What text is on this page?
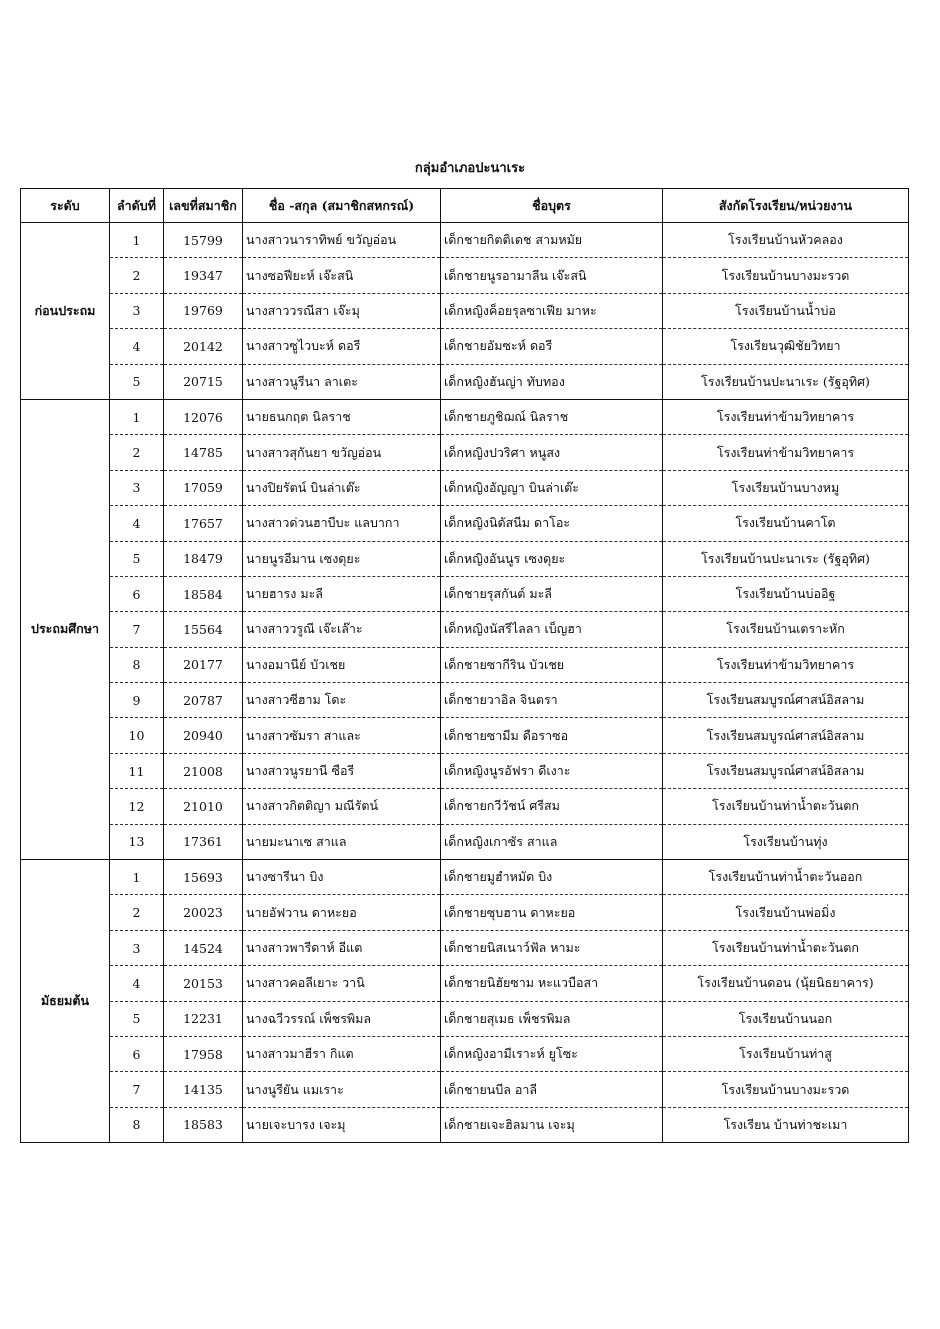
กลุ่มอำเภอปะนาเระ
ระดับ	ลำดับที่	เลขที่สมาชิก	ชื่อ -สกุล (สมาชิกสหกรณ์)	ชื่อบุตร	สังกัดโรงเรียน/หน่วยงาน
ก่อนประถม	1	15799	นางสาวนาราทิพย์ ขวัญอ่อน	เด็กชายกิตติเดช สามหมัย	โรงเรียนบ้านหัวคลอง
	2	19347	นางซอฟียะห์ เจ๊ะสนิ	เด็กชายนูรอามาลีน เจ๊ะสนิ	โรงเรียนบ้านบางมะรวด
	3	19769	นางสาววรณีสา เจ๊ะมุ	เด็กหญิงค็อยรุลซาเฟีย มาหะ	โรงเรียนบ้านน้ำบ่อ
	4	20142	นางสาวซูไวบะห์ ดอรี	เด็กชายอัมซะห์ ดอรี	โรงเรียนวุฒิชัยวิทยา
	5	20715	นางสาวนูรีนา ลาเตะ	เด็กหญิงฮันญ่า ทับทอง	โรงเรียนบ้านปะนาเระ (รัฐอุทิศ)
ประถมศึกษา	1	12076	นายธนกฤต นิลราช	เด็กชายภูชิฌณ์ นิลราช	โรงเรียนท่าข้ามวิทยาคาร
	2	14785	นางสาวสุกันยา ขวัญอ่อน	เด็กหญิงปวริศา หนูสง	โรงเรียนท่าข้ามวิทยาคาร
	3	17059	นางปิยรัตน์ บินล่าเต๊ะ	เด็กหญิงอัญญา บินล่าเต๊ะ	โรงเรียนบ้านบางหมู
	4	17657	นางสาวด่วนฮาบีบะ แลบากา	เด็กหญิงนิดัสนีม ดาโอะ	โรงเรียนบ้านคาโต
	5	18479	นายนูรอีมาน เซงดุยะ	เด็กหญิงอันนูร เซงดุยะ	โรงเรียนบ้านปะนาเระ (รัฐอุทิศ)
	6	18584	นายฮารง มะลี	เด็กชายรุสกันต์ มะลี	โรงเรียนบ้านบ่ออิฐ
	7	15564	นางสาววรูณี เจ๊ะเล๊าะ	เด็กหญิงนัสรีไลลา เบ็ญฮา	โรงเรียนบ้านเตราะหัก
	8	20177	นางอมานีย์ บัวเชย	เด็กชายซากีริน บัวเชย	โรงเรียนท่าข้ามวิทยาคาร
	9	20787	นางสาวซีฮาม โดะ	เด็กชายวาอิล จินตรา	โรงเรียนสมบูรณ์ศาสน์อิสลาม
	10	20940	นางสาวซัมรา สาและ	เด็กชายซามีม ดือราซอ	โรงเรียนสมบูรณ์ศาสน์อิสลาม
	11	21008	นางสาวนูรยานี ซือรี	เด็กหญิงนูรอัฟรา ดีเงาะ	โรงเรียนสมบูรณ์ศาสน์อิสลาม
	12	21010	นางสาวกิตติญา มณีรัตน์	เด็กชายกวีวัชน์ ศรีสม	โรงเรียนบ้านท่าน้ำตะวันตก
	13	17361	นายมะนาเซ สาแล	เด็กหญิงเกาซัร สาแล	โรงเรียนบ้านทุ่ง
มัธยมต้น	1	15693	นางซารีนา บิง	เด็กชายมูฮำหมัด บิง	โรงเรียนบ้านท่าน้ำตะวันออก
	2	20023	นายอัฟวาน ดาหะยอ	เด็กชายซุบฮาน ดาหะยอ	โรงเรียนบ้านพ่อมิ่ง
	3	14524	นางสาวพารีดาห์ อีแต	เด็กชายนิสเนาว์ฟัล หามะ	โรงเรียนบ้านท่าน้ำตะวันตก
	4	20153	นางสาวคอลีเยาะ วานิ	เด็กชายนิฮัยซาม หะแวบือสา	โรงเรียนบ้านดอน (นุ้ยนิธยาคาร)
	5	12231	นางฉวีวรรณ์ เพ็ชรพิมล	เด็กชายสุเมธ เพ็ชรพิมล	โรงเรียนบ้านนอก
	6	17958	นางสาวมาฮีรา กิแต	เด็กหญิงอามีเราะห์ ยูโซะ	โรงเรียนบ้านท่าสู
	7	14135	นางนูรียัน แมเราะ	เด็กชายนบีล อาลี	โรงเรียนบ้านบางมะรวด
	8	18583	นายเจะบารง เจะมุ	เด็กชายเจะฮิลมาน เจะมุ	โรงเรียน บ้านท่าชะเมา
